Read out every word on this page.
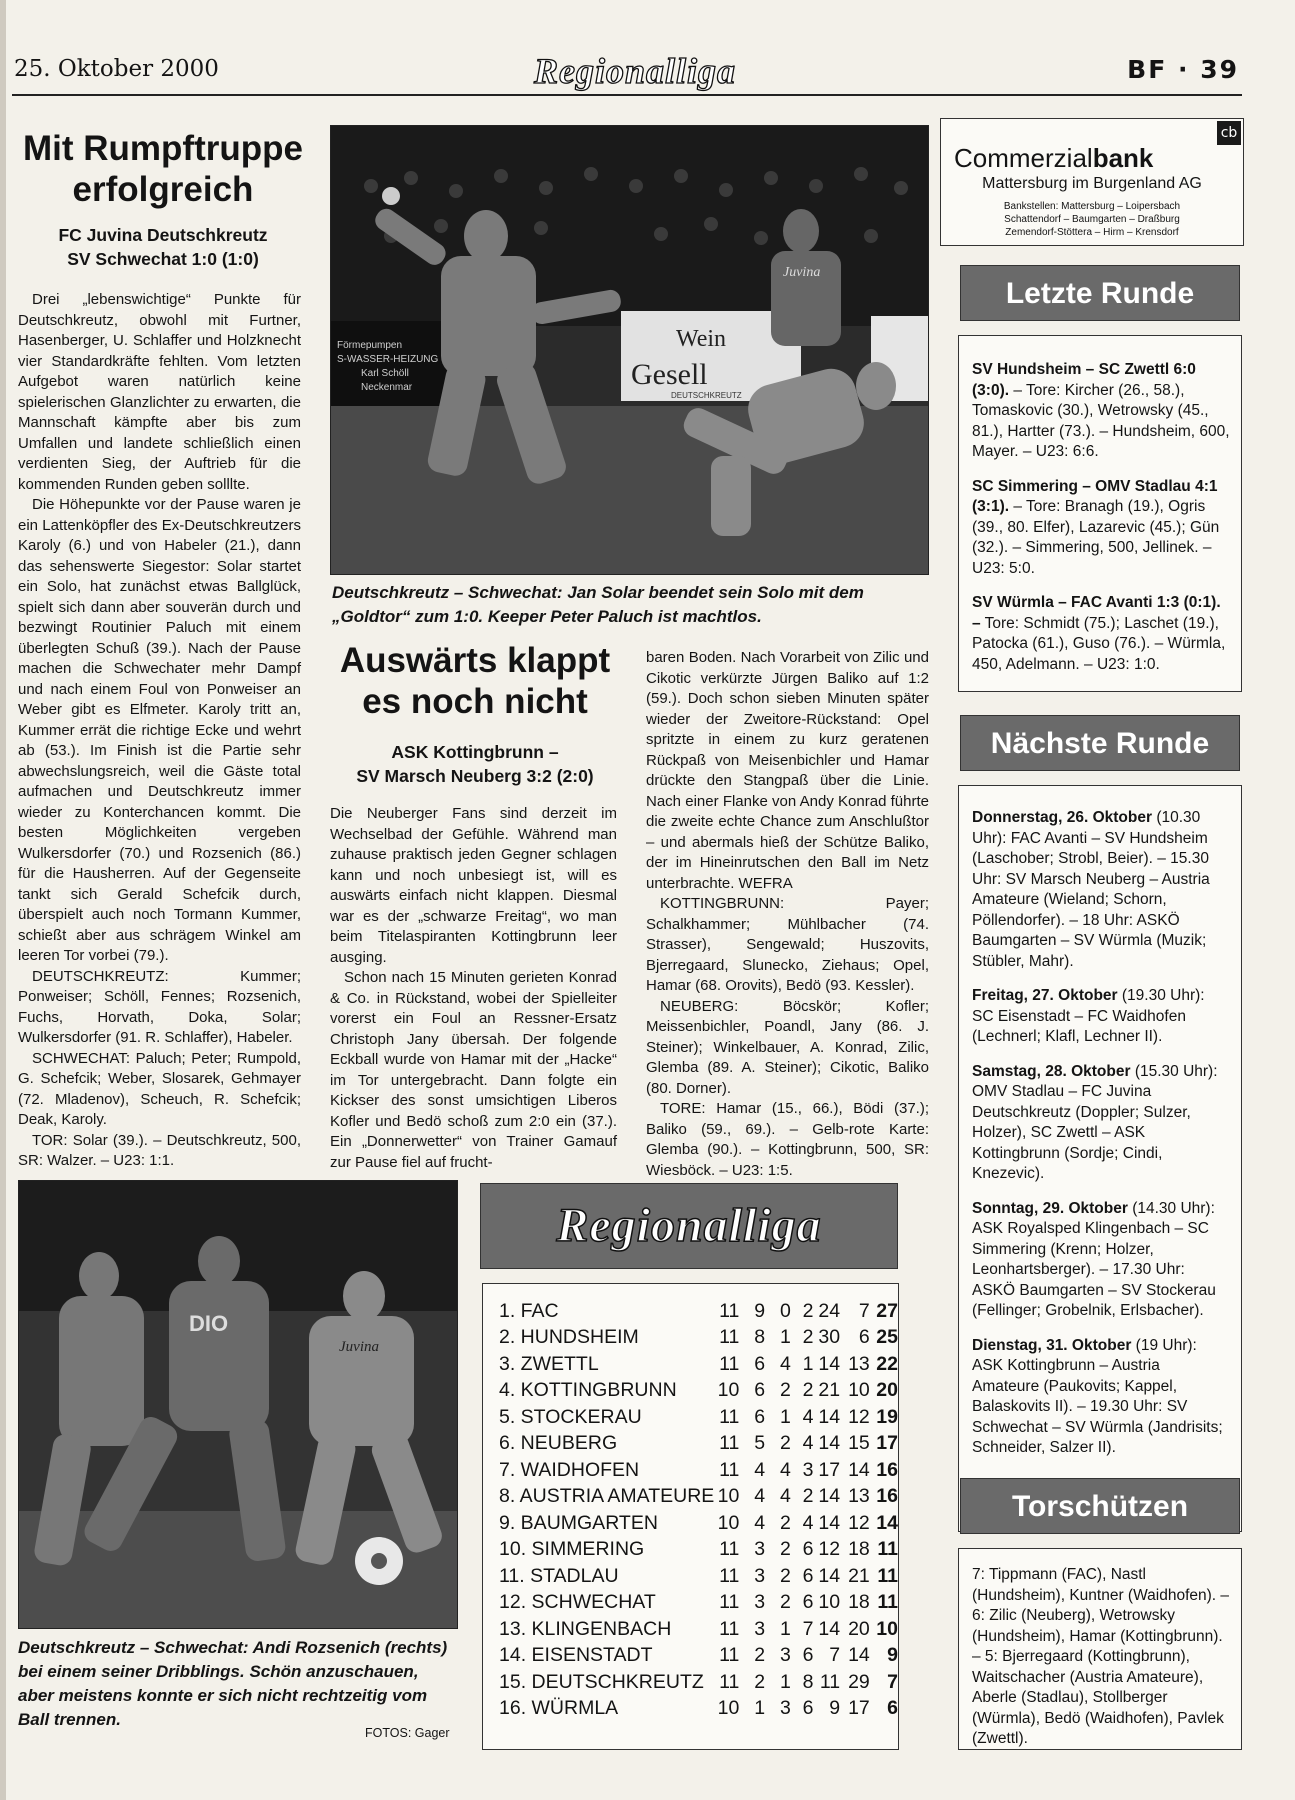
25. Oktober 2000	Regionalliga	BF · 39
Mit Rumpftruppe
erfolgreich
FC Juvina Deutschkreutz
SV Schwechat 1:0 (1:0)

Drei „lebenswichtige“ Punkte für Deutschkreutz, obwohl mit Furtner, Hasenberger, U. Schlaffer und Holzknecht vier Standardkräfte fehlten. Vom letzten Aufgebot waren natürlich keine spielerischen Glanzlichter zu erwarten, die Mannschaft kämpfte aber bis zum Umfallen und landete schließlich einen verdienten Sieg, der Auftrieb für die kommenden Runden geben solllte.

Die Höhepunkte vor der Pause waren je ein Lattenköpfler des Ex-Deutschkreutzers Karoly (6.) und von Habeler (21.), dann das sehenswerte Siegestor: Solar startet ein Solo, hat zunächst etwas Ballglück, spielt sich dann aber souverän durch und bezwingt Routinier Paluch mit einem überlegten Schuß (39.). Nach der Pause machen die Schwechater mehr Dampf und nach einem Foul von Ponweiser an Weber gibt es Elfmeter. Karoly tritt an, Kummer errät die richtige Ecke und wehrt ab (53.). Im Finish ist die Partie sehr abwechslungsreich, weil die Gäste total aufmachen und Deutschkreutz immer wieder zu Konterchancen kommt. Die besten Möglichkeiten vergeben Wulkersdorfer (70.) und Rozsenich (86.) für die Hausherren. Auf der Gegenseite tankt sich Gerald Schefcik durch, überspielt auch noch Tormann Kummer, schießt aber aus schrägem Winkel am leeren Tor vorbei (79.).

DEUTSCHKREUTZ: Kummer; Ponweiser; Schöll, Fennes; Rozsenich, Fuchs, Horvath, Doka, Solar; Wulkersdorfer (91. R. Schlaffer), Habeler.

SCHWECHAT: Paluch; Peter; Rumpold, G. Schefcik; Weber, Slosarek, Gehmayer (72. Mladenov), Scheuch, R. Schefcik; Deak, Karoly.

TOR: Solar (39.). – Deutschkreutz, 500, SR: Walzer. – U23: 1:1.

Förmepumpen
S-WASSER-HEIZUNG
Karl Schöll
Neckenmar
Wein
Gesell
DEUTSCHKREUTZ
Juvina
Deutschkreutz – Schwechat: Jan Solar beendet sein Solo mit dem „Goldtor“ zum 1:0. Keeper Peter Paluch ist machtlos.
Auswärts klappt
es noch nicht
ASK Kottingbrunn –
SV Marsch Neuberg 3:2 (2:0)

Die Neuberger Fans sind derzeit im Wechselbad der Gefühle. Während man zuhause praktisch jeden Gegner schlagen kann und noch unbesiegt ist, will es auswärts einfach nicht klappen. Diesmal war es der „schwarze Freitag“, wo man beim Titelaspiranten Kottingbrunn leer ausging.

Schon nach 15 Minuten gerieten Konrad & Co. in Rückstand, wobei der Spielleiter vorerst ein Foul an Ressner-Ersatz Christoph Jany übersah. Der folgende Eckball wurde von Hamar mit der „Hacke“ im Tor untergebracht. Dann folgte ein Kickser des sonst umsichtigen Liberos Kofler und Bedö schoß zum 2:0 ein (37.). Ein „Donnerwetter“ von Trainer Gamauf zur Pause fiel auf frucht-

baren Boden. Nach Vorarbeit von Zilic und Cikotic verkürzte Jürgen Baliko auf 1:2 (59.). Doch schon sieben Minuten später wieder der Zweitore-Rückstand: Opel spritzte in einem zu kurz geratenen Rückpaß von Meisenbichler und Hamar drückte den Stangpaß über die Linie. Nach einer Flanke von Andy Konrad führte die zweite echte Chance zum Anschlußtor – und abermals hieß der Schütze Baliko, der im Hineinrutschen den Ball im Netz unterbrachte. WEFRA

KOTTINGBRUNN: Payer; Schalkhammer; Mühlbacher (74. Strasser), Sengewald; Huszovits, Bjerregaard, Slunecko, Ziehaus; Opel, Hamar (68. Orovits), Bedö (93. Kessler).

NEUBERG: Böcskör; Kofler; Meissenbichler, Poandl, Jany (86. J. Steiner); Winkelbauer, A. Konrad, Zilic, Glemba (89. A. Steiner); Cikotic, Baliko (80. Dorner).

TORE: Hamar (15., 66.), Bödi (37.); Baliko (59., 69.). – Gelb-rote Karte: Glemba (90.). – Kottingbrunn, 500, SR: Wiesböck. – U23: 1:5.

DIO
Juvina
Deutschkreutz – Schwechat: Andi Rozsenich (rechts) bei einem seiner Dribblings. Schön anzuschauen, aber meistens konnte er sich nicht rechtzeitig vom Ball trennen.
FOTOS: Gager
Commerzialbank
cb
Mattersburg im Burgenland AG
Bankstellen: Mattersburg – Loipersbach
Schattendorf – Baumgarten – Draßburg
Zemendorf-Stöttera – Hirm – Krensdorf
Letzte Runde

SV Hundsheim – SC Zwettl 6:0 (3:0). – Tore: Kircher (26., 58.), Tomaskovic (30.), Wetrowsky (45., 81.), Hartter (73.). – Hundsheim, 600, Mayer. – U23: 6:6.

SC Simmering – OMV Stadlau 4:1 (3:1). – Tore: Branagh (19.), Ogris (39., 80. Elfer), Lazarevic (45.); Gün (32.). – Simmering, 500, Jellinek. – U23: 5:0.

SV Würmla – FAC Avanti 1:3 (0:1). – Tore: Schmidt (75.); Laschet (19.), Patocka (61.), Guso (76.). – Würmla, 450, Adelmann. – U23: 1:0.

Nächste Runde

Donnerstag, 26. Oktober (10.30 Uhr): FAC Avanti – SV Hundsheim (Laschober; Strobl, Beier). – 15.30 Uhr: SV Marsch Neuberg – Austria Amateure (Wieland; Schorn, Pöllendorfer). – 18 Uhr: ASKÖ Baumgarten – SV Würmla (Muzik; Stübler, Mahr).

Freitag, 27. Oktober (19.30 Uhr): SC Eisenstadt – FC Waidhofen (Lechnerl; Klafl, Lechner II).

Samstag, 28. Oktober (15.30 Uhr): OMV Stadlau – FC Juvina Deutschkreutz (Doppler; Sulzer, Holzer), SC Zwettl – ASK Kottingbrunn (Sordje; Cindi, Knezevic).

Sonntag, 29. Oktober (14.30 Uhr): ASK Royalsped Klingenbach – SC Simmering (Krenn; Holzer, Leonhartsberger). – 17.30 Uhr: ASKÖ Baumgarten – SV Stockerau (Fellinger; Grobelnik, Erlsbacher).

Dienstag, 31. Oktober (19 Uhr): ASK Kottingbrunn – Austria Amateure (Paukovits; Kappel, Balaskovits II). – 19.30 Uhr: SV Schwechat – SV Würmla (Jandrisits; Schneider, Salzer II).

Torschützen
7: Tippmann (FAC), Nastl (Hundsheim), Kuntner (Waidhofen). – 6: Zilic (Neuberg), Wetrowsky (Hundsheim), Hamar (Kottingbrunn). – 5: Bjerregaard (Kottingbrunn), Waitschacher (Austria Amateure), Aberle (Stadlau), Stollberger (Würmla), Bedö (Waidhofen), Pavlek (Zwettl).
Regionalliga
1. FAC	11	9	0	2	24	7	27
2. HUNDSHEIM	11	8	1	2	30	6	25
3. ZWETTL	11	6	4	1	14	13	22
4. KOTTINGBRUNN	10	6	2	2	21	10	20
5. STOCKERAU	11	6	1	4	14	12	19
6. NEUBERG	11	5	2	4	14	15	17
7. WAIDHOFEN	11	4	4	3	17	14	16
8. AUSTRIA AMATEURE	10	4	4	2	14	13	16
9. BAUMGARTEN	10	4	2	4	14	12	14
10. SIMMERING	11	3	2	6	12	18	11
11. STADLAU	11	3	2	6	14	21	11
12. SCHWECHAT	11	3	2	6	10	18	11
13. KLINGENBACH	11	3	1	7	14	20	10
14. EISENSTADT	11	2	3	6	7	14	9
15. DEUTSCHKREUTZ	11	2	1	8	11	29	7
16. WÜRMLA	10	1	3	6	9	17	6
